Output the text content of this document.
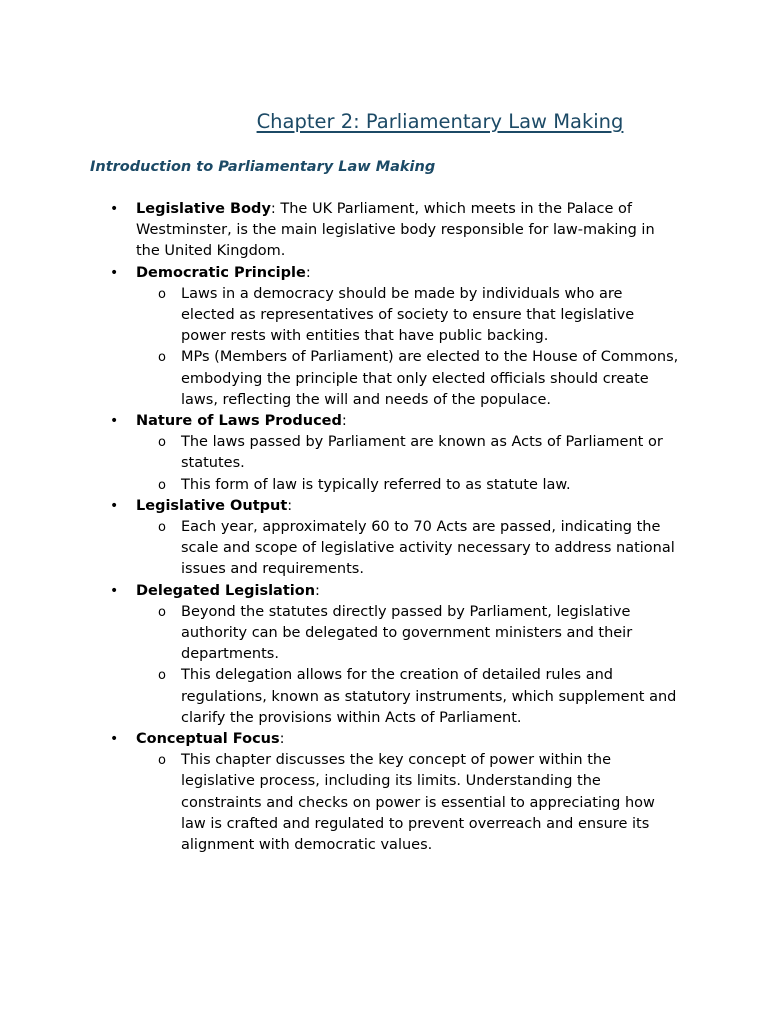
Chapter 2: Parliamentary Law Making
Introduction to Parliamentary Law Making
• Legislative Body: The UK Parliament, which meets in the Palace of Westminster, is the main legislative body responsible for law-making in the United Kingdom.
• Democratic Principle:
o Laws in a democracy should be made by individuals who are elected as representatives of society to ensure that legislative power rests with entities that have public backing.
o MPs (Members of Parliament) are elected to the House of Commons, embodying the principle that only elected officials should create laws, reflecting the will and needs of the populace.
• Nature of Laws Produced:
o The laws passed by Parliament are known as Acts of Parliament or statutes.
o This form of law is typically referred to as statute law.
• Legislative Output:
o Each year, approximately 60 to 70 Acts are passed, indicating the scale and scope of legislative activity necessary to address national issues and requirements.
• Delegated Legislation:
o Beyond the statutes directly passed by Parliament, legislative authority can be delegated to government ministers and their departments.
o This delegation allows for the creation of detailed rules and regulations, known as statutory instruments, which supplement and clarify the provisions within Acts of Parliament.
• Conceptual Focus:
o This chapter discusses the key concept of power within the legislative process, including its limits. Understanding the constraints and checks on power is essential to appreciating how law is crafted and regulated to prevent overreach and ensure its alignment with democratic values.
